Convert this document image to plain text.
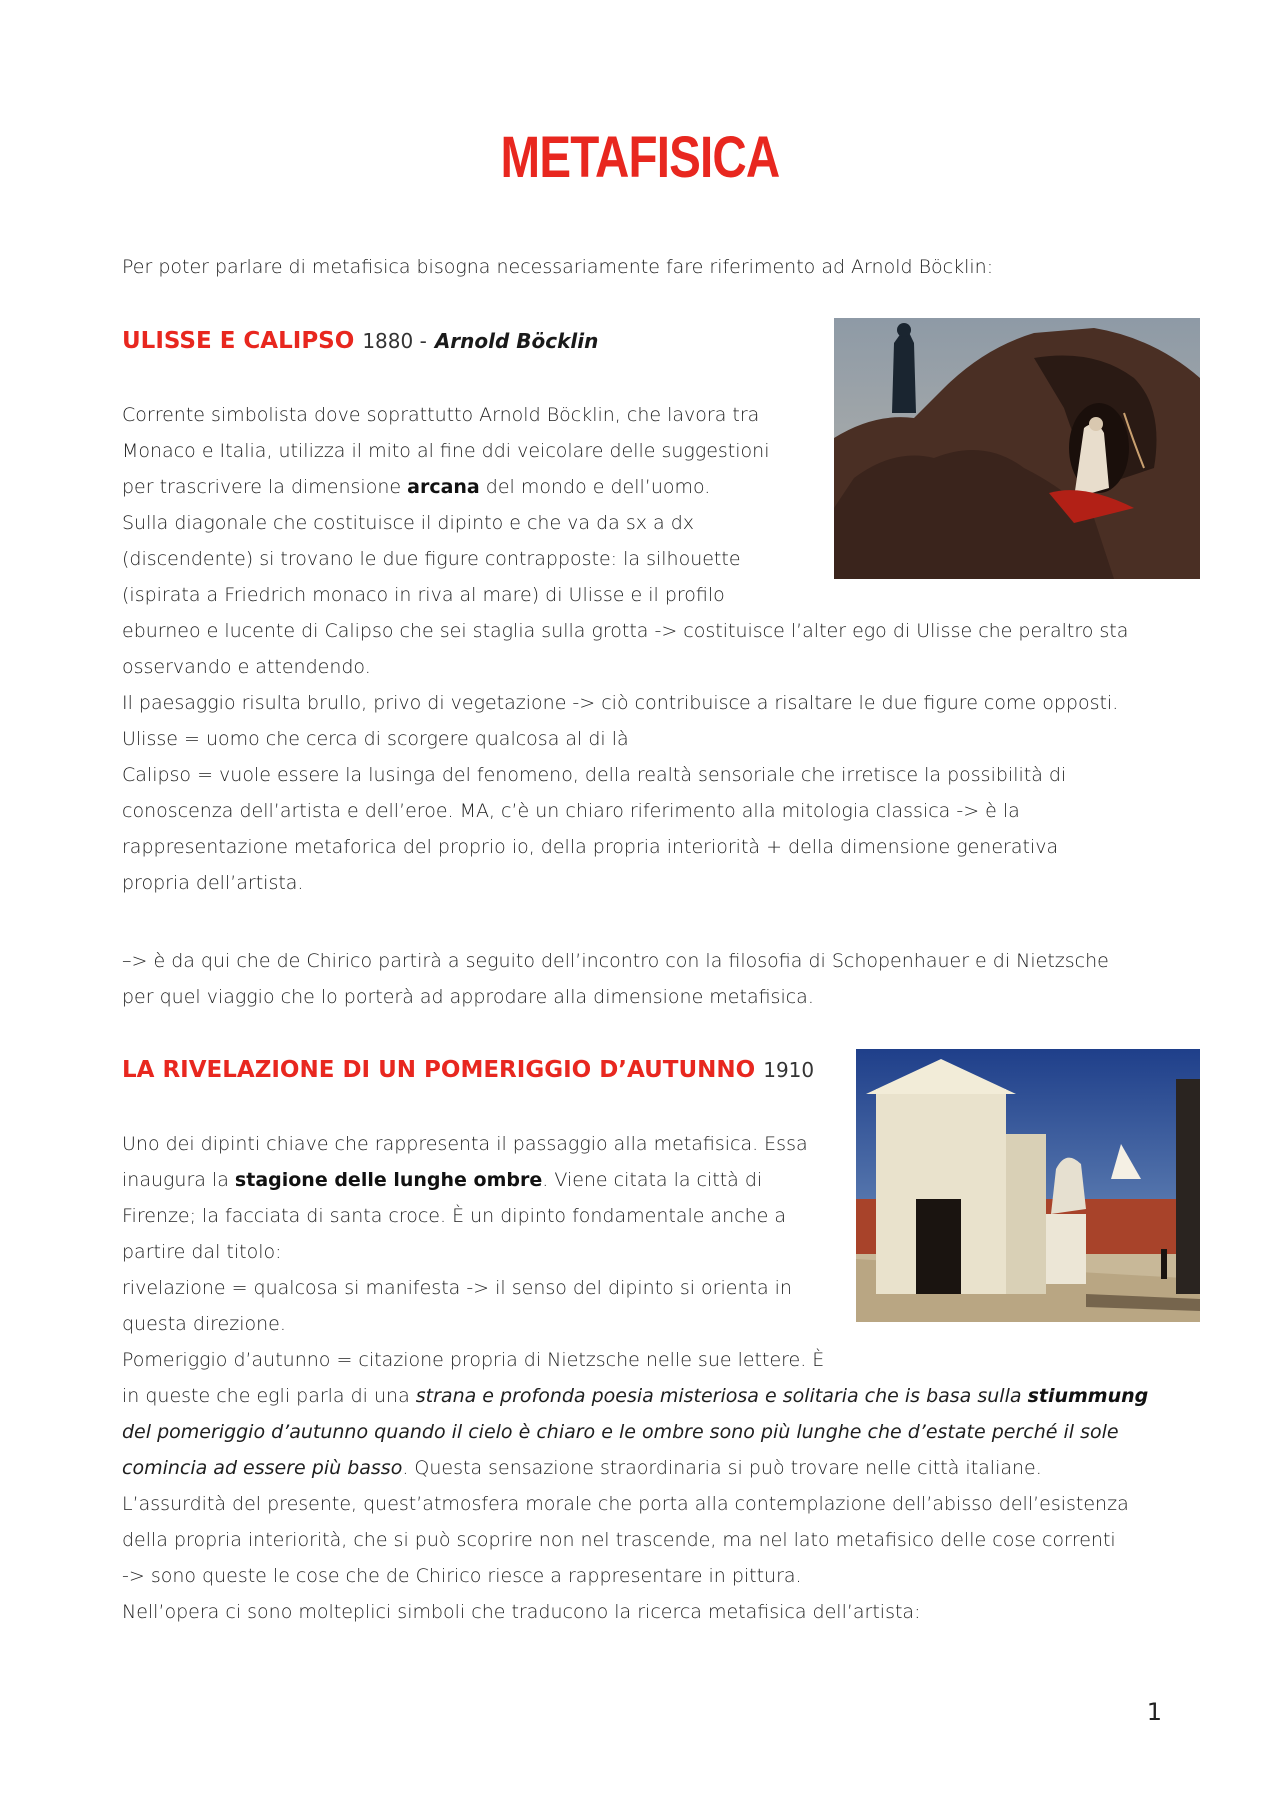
METAFISICA
Per poter parlare di metafisica bisogna necessariamente fare riferimento ad Arnold Böcklin:
ULISSE E CALIPSO 1880 - Arnold Böcklin
Corrente simbolista dove soprattutto Arnold Böcklin, che lavora tra
Monaco e Italia, utilizza il mito al fine ddi veicolare delle suggestioni
per trascrivere la dimensione arcana del mondo e dell’uomo.
Sulla diagonale che costituisce il dipinto e che va da sx a dx
(discendente) si trovano le due figure contrapposte: la silhouette
(ispirata a Friedrich monaco in riva al mare) di Ulisse e il profilo
eburneo e lucente di Calipso che sei staglia sulla grotta -> costituisce l’alter ego di Ulisse che peraltro sta
osservando e attendendo.
Il paesaggio risulta brullo, privo di vegetazione -> ciò contribuisce a risaltare le due figure come opposti.
Ulisse = uomo che cerca di scorgere qualcosa al di là
Calipso = vuole essere la lusinga del fenomeno, della realtà sensoriale che irretisce la possibilità di
conoscenza dell’artista e dell’eroe. MA, c’è un chiaro riferimento alla mitologia classica -> è la
rappresentazione metaforica del proprio io, della propria interiorità + della dimensione generativa
propria dell’artista.
–> è da qui che de Chirico partirà a seguito dell’incontro con la filosofia di Schopenhauer e di Nietzsche
per quel viaggio che lo porterà ad approdare alla dimensione metafisica.
LA RIVELAZIONE DI UN POMERIGGIO D’AUTUNNO 1910
Uno dei dipinti chiave che rappresenta il passaggio alla metafisica. Essa
inaugura la stagione delle lunghe ombre. Viene citata la città di
Firenze; la facciata di santa croce. È un dipinto fondamentale anche a
partire dal titolo:
rivelazione = qualcosa si manifesta -> il senso del dipinto si orienta in
questa direzione.
Pomeriggio d’autunno = citazione propria di Nietzsche nelle sue lettere. È
in queste che egli parla di una strana e profonda poesia misteriosa e solitaria che is basa sulla stiummung
del pomeriggio d’autunno quando il cielo è chiaro e le ombre sono più lunghe che d’estate perché il sole
comincia ad essere più basso. Questa sensazione straordinaria si può trovare nelle città italiane.
L’assurdità del presente, quest’atmosfera morale che porta alla contemplazione dell’abisso dell’esistenza
della propria interiorità, che si può scoprire non nel trascende, ma nel lato metafisico delle cose correnti
-> sono queste le cose che de Chirico riesce a rappresentare in pittura.
Nell’opera ci sono molteplici simboli che traducono la ricerca metafisica dell’artista:
1
